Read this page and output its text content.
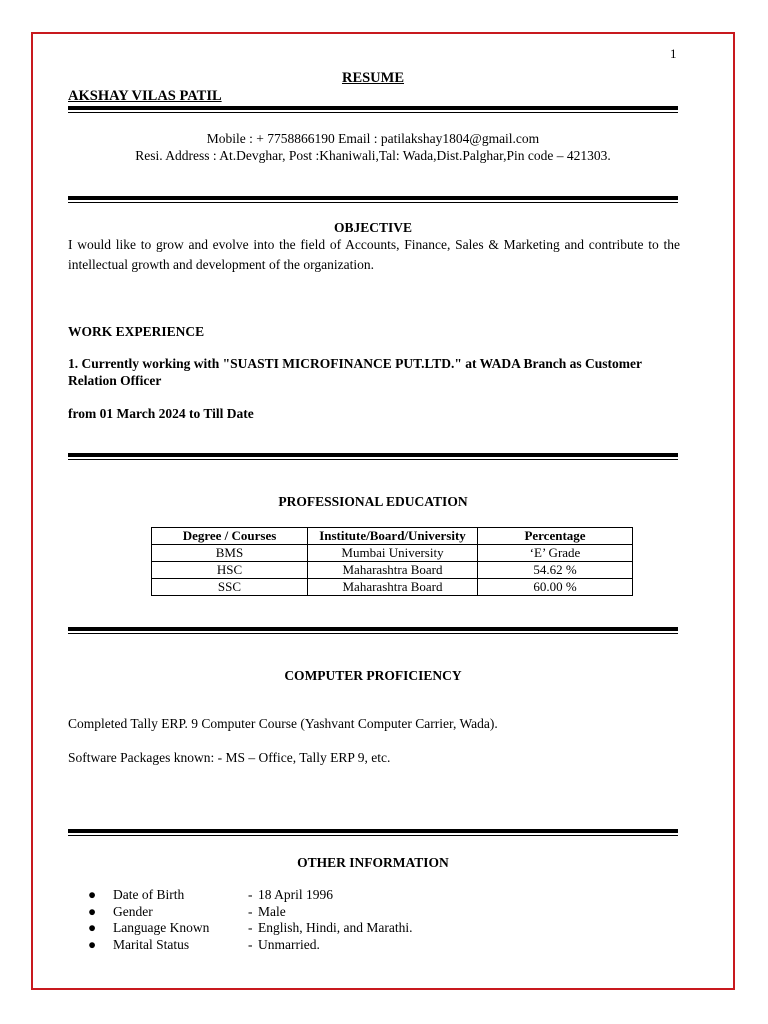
1
RESUME
AKSHAY VILAS PATIL
Mobile : + 7758866190 Email : patilakshay1804@gmail.com
Resi. Address : At.Devghar, Post :Khaniwali,Tal: Wada,Dist.Palghar,Pin code – 421303.
OBJECTIVE
I would like to grow and evolve into the field of Accounts, Finance, Sales & Marketing and contribute to the intellectual growth and development of the organization.
WORK EXPERIENCE
1. Currently working with "SUASTI MICROFINANCE PUT.LTD." at WADA Branch as Customer Relation Officer
from 01 March 2024 to Till Date
PROFESSIONAL EDUCATION
Degree / Courses	Institute/Board/University	Percentage
BMS	Mumbai University	‘E’ Grade
HSC	Maharashtra Board	54.62 %
SSC	Maharashtra Board	60.00 %
COMPUTER PROFICIENCY
Completed Tally ERP. 9 Computer Course (Yashvant Computer Carrier, Wada).
Software Packages known: - MS – Office, Tally ERP 9, etc.
OTHER INFORMATION
●	Date of Birth	- 18 April 1996
●	Gender	- Male
●	Language Known	- English, Hindi, and Marathi.
●	Marital Status	- Unmarried.
